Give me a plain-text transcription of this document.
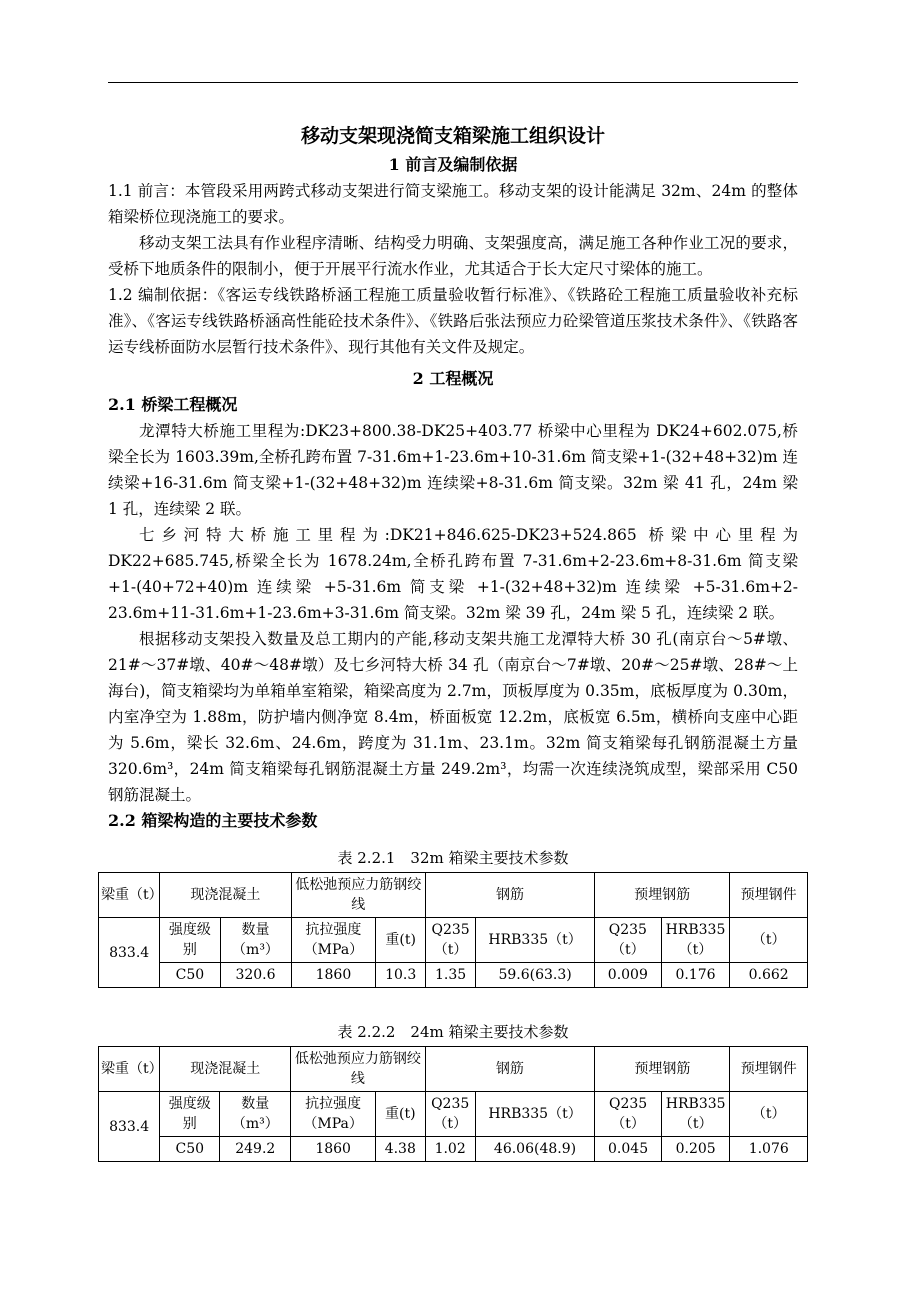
移动支架现浇简支箱梁施工组织设计
1 前言及编制依据
1.1 前言：本管段采用两跨式移动支架进行简支梁施工。移动支架的设计能满足 32m、24m 的整体箱梁桥位现浇施工的要求。
移动支架工法具有作业程序清晰、结构受力明确、支架强度高，满足施工各种作业工况的要求，受桥下地质条件的限制小，便于开展平行流水作业，尤其适合于长大定尺寸梁体的施工。
1.2 编制依据：《客运专线铁路桥涵工程施工质量验收暂行标准》、《铁路砼工程施工质量验收补充标准》、《客运专线铁路桥涵高性能砼技术条件》、《铁路后张法预应力砼梁管道压浆技术条件》、《铁路客运专线桥面防水层暂行技术条件》、现行其他有关文件及规定。
2 工程概况
2.1 桥梁工程概况
龙潭特大桥施工里程为:DK23+800.38-DK25+403.77 桥梁中心里程为 DK24+602.075,桥梁全长为 1603.39m,全桥孔跨布置 7-31.6m+1-23.6m+10-31.6m 简支梁+1-(32+48+32)m 连续梁+16-31.6m 简支梁+1-(32+48+32)m 连续梁+8-31.6m 简支梁。32m 梁 41 孔，24m 梁 1 孔，连续梁 2 联。
七乡河特大桥施工里程为:DK21+846.625-DK23+524.865 桥梁中心里程为 DK22+685.745,桥梁全长为 1678.24m,全桥孔跨布置 7-31.6m+2-23.6m+8-31.6m 简支梁 +1-(40+72+40)m 连续梁 +5-31.6m 简支梁 +1-(32+48+32)m 连续梁 +5-31.6m+2-23.6m+11-31.6m+1-23.6m+3-31.6m 简支梁。32m 梁 39 孔，24m 梁 5 孔，连续梁 2 联。
根据移动支架投入数量及总工期内的产能,移动支架共施工龙潭特大桥 30 孔(南京台～5#墩、21#～37#墩、40#～48#墩）及七乡河特大桥 34 孔（南京台～7#墩、20#～25#墩、28#～上海台)，简支箱梁均为单箱单室箱梁，箱梁高度为 2.7m，顶板厚度为 0.35m，底板厚度为 0.30m，内室净空为 1.88m，防护墙内侧净宽 8.4m，桥面板宽 12.2m，底板宽 6.5m，横桥向支座中心距为 5.6m，梁长 32.6m、24.6m，跨度为 31.1m、23.1m。32m 简支箱梁每孔钢筋混凝土方量 320.6m³，24m 简支箱梁每孔钢筋混凝土方量 249.2m³，均需一次连续浇筑成型，梁部采用 C50 钢筋混凝土。
2.2 箱梁构造的主要技术参数
表 2.2.1　32m 箱梁主要技术参数
梁重（t）	现浇混凝土		低松弛预应力筋钢绞线		钢筋		预埋钢筋		预埋钢件
833.4	强度级别	数量（m³）	抗拉强度（MPa）	重(t)	Q235（t）	HRB335（t）	Q235（t）	HRB335（t）	（t）
	C50	320.6	1860	10.3	1.35	59.6(63.3)	0.009	0.176	0.662
表 2.2.2　24m 箱梁主要技术参数
梁重（t）	现浇混凝土		低松弛预应力筋钢绞线		钢筋		预埋钢筋		预埋钢件
833.4	强度级别	数量（m³）	抗拉强度（MPa）	重(t)	Q235（t）	HRB335（t）	Q235（t）	HRB335（t）	（t）
	C50	249.2	1860	4.38	1.02	46.06(48.9)	0.045	0.205	1.076
